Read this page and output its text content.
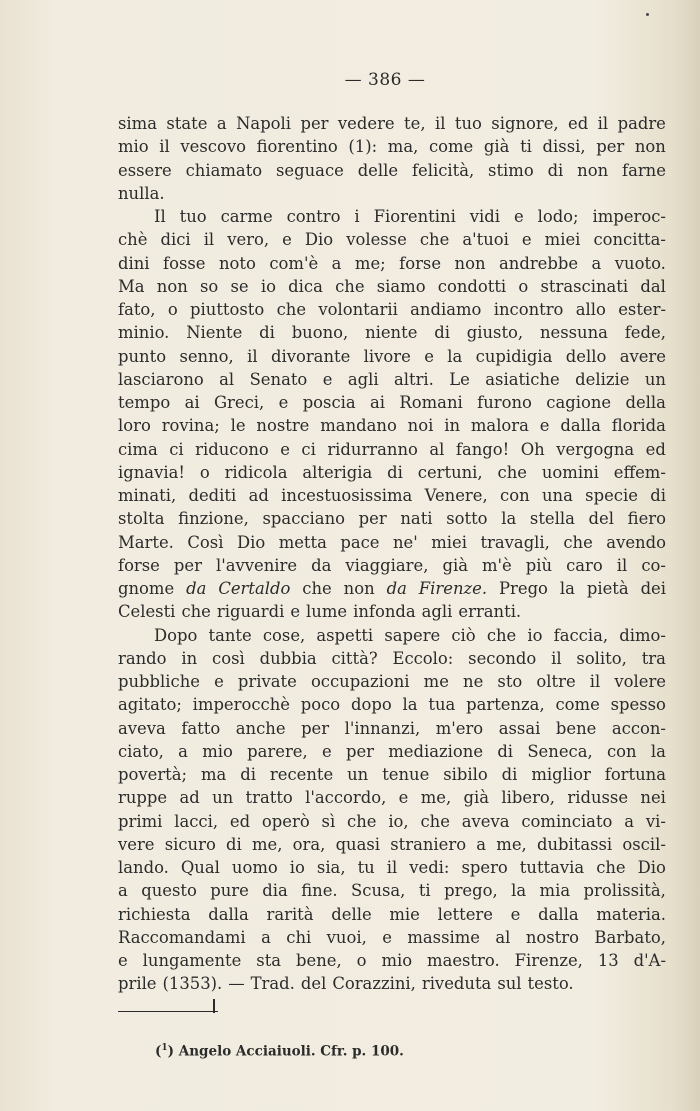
— 386 —
sima state a Napoli per vedere te, il tuo signore, ed il padre
mio il vescovo fiorentino (1): ma, come già ti dissi, per non
essere chiamato seguace delle felicità, stimo di non farne
nulla.
Il tuo carme contro i Fiorentini vidi e lodo; imperoc-
chè dici il vero, e Dio volesse che a'tuoi e miei concitta-
dini fosse noto com'è a me; forse non andrebbe a vuoto.
Ma non so se io dica che siamo condotti o strascinati dal
fato, o piuttosto che volontarii andiamo incontro allo ester-
minio. Niente di buono, niente di giusto, nessuna fede,
punto senno, il divorante livore e la cupidigia dello avere
lasciarono al Senato e agli altri. Le asiatiche delizie un
tempo ai Greci, e poscia ai Romani furono cagione della
loro rovina; le nostre mandano noi in malora e dalla florida
cima ci riducono e ci ridurranno al fango! Oh vergogna ed
ignavia! o ridicola alterigia di certuni, che uomini effem-
minati, dediti ad incestuosissima Venere, con una specie di
stolta finzione, spacciano per nati sotto la stella del fiero
Marte. Così Dio metta pace ne' miei travagli, che avendo
forse per l'avvenire da viaggiare, già m'è più caro il co-
gnome da Certaldo che non da Firenze. Prego la pietà dei
Celesti che riguardi e lume infonda agli erranti.
Dopo tante cose, aspetti sapere ciò che io faccia, dimo-
rando in così dubbia città? Eccolo: secondo il solito, tra
pubbliche e private occupazioni me ne sto oltre il volere
agitato; imperocchè poco dopo la tua partenza, come spesso
aveva fatto anche per l'innanzi, m'ero assai bene accon-
ciato, a mio parere, e per mediazione di Seneca, con la
povertà; ma di recente un tenue sibilo di miglior fortuna
ruppe ad un tratto l'accordo, e me, già libero, ridusse nei
primi lacci, ed operò sì che io, che aveva cominciato a vi-
vere sicuro di me, ora, quasi straniero a me, dubitassi oscil-
lando. Qual uomo io sia, tu il vedi: spero tuttavia che Dio
a questo pure dia fine. Scusa, ti prego, la mia prolissità,
richiesta dalla rarità delle mie lettere e dalla materia.
Raccomandami a chi vuoi, e massime al nostro Barbato,
e lungamente sta bene, o mio maestro. Firenze, 13 d'A-
prile (1353). — Trad. del Corazzini, riveduta sul testo.
($^1$) Angelo Acciaiuoli. Cfr. p. 100.
